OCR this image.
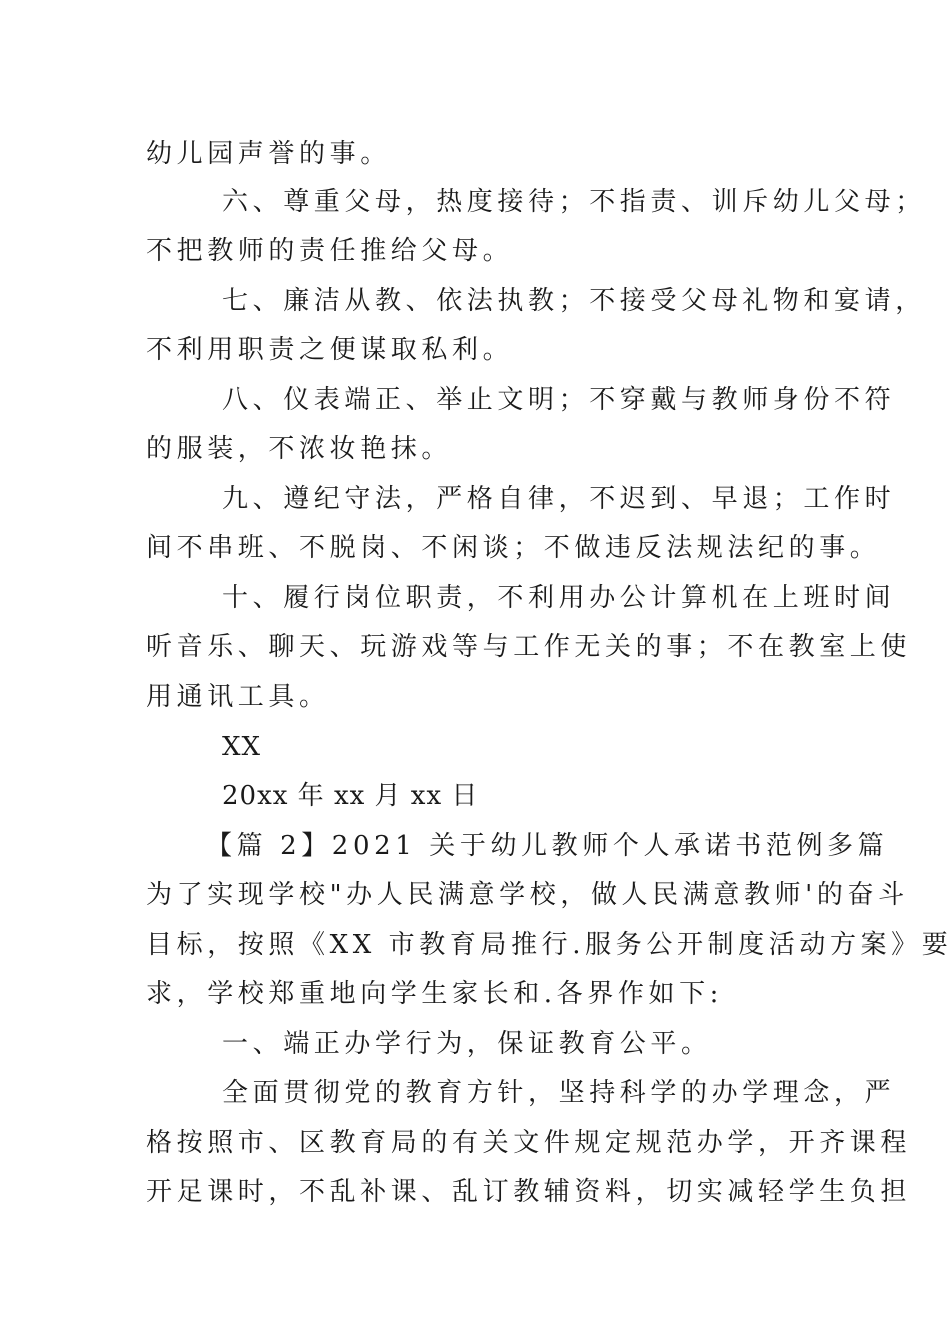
幼儿园声誉的事。
六、尊重父母，热度接待；不指责、训斥幼儿父母；
不把教师的责任推给父母。
七、廉洁从教、依法执教；不接受父母礼物和宴请，
不利用职责之便谋取私利。
八、仪表端正、举止文明；不穿戴与教师身份不符
的服装，不浓妆艳抹。
九、遵纪守法，严格自律，不迟到、早退；工作时
间不串班、不脱岗、不闲谈；不做违反法规法纪的事。
十、履行岗位职责，不利用办公计算机在上班时间
听音乐、聊天、玩游戏等与工作无关的事；不在教室上使
用通讯工具。
XX
20xx 年 xx 月 xx 日
【篇 2】2021 关于幼儿教师个人承诺书范例多篇
为了实现学校"办人民满意学校，做人民满意教师'的奋斗
目标，按照《XX 市教育局推行.服务公开制度活动方案》要
求，学校郑重地向学生家长和.各界作如下:
一、端正办学行为，保证教育公平。
全面贯彻党的教育方针，坚持科学的办学理念，严
格按照市、区教育局的有关文件规定规范办学，开齐课程
开足课时，不乱补课、乱订教辅资料，切实减轻学生负担
